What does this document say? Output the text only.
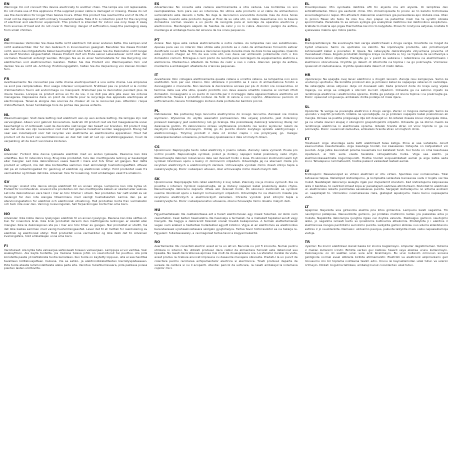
EN

Warnings: Do not connect this device electrically to another chain. The lamps are not replaceable. Do not make use of this appliance if the supplied power cable is damaged or missing. Please do not use the decoration for longer than twelve hours. When this product has reached the end of its life, it must not be disposed of with ordinary household waste. Take it to a collection point for the recycling of electrical and electronic equipment. This product is intended for indoor use only. Keep it away from sources of heat and do not cover it. Warning: danger of suffocation, keep the packaging away from small children.

DE

Warnhinweise: Verbinden Sie diese Kette nicht elektrisch mit einer anderen Kette. Die Lampen sind nicht austauschbar. Nur fur den Gebrauch in Innenraumen geeignet. Benutzen Sie dieses Produkt nicht, wenn das mitgelieferte Kabel beschadigt ist oder fehlt. Lassen Sie die Dekoration nicht langer als zwolf Stunden eingeschaltet. Dieses Produkt darf am Ende seiner Lebensdauer nicht uber den normalen Hausmull entsorgt werden. Bringen Sie es zu einer Sammelstelle fur das Recycling von elektrischen und elektronischen Geraten. Halten Sie das Produkt von Warmequellen fern und decken Sie es nicht ab. Achtung: Erstickungsgefahr, halten Sie die Verpackung von kleinen Kindern fern.

FR

Avertissements: Ne connectez pas cette chaine electriquement a une autre chaine. Les ampoules ne sont pas remplacables. Pour usage interieur uniquement. N'utilisez pas ce produit si le cordon d'alimentation fourni est endommage ou manquant. N'allumez pas la decoration pendant plus de douze heures. Lorsque ce produit arrive en fin de vie, il ne doit pas etre jete avec les ordures menageres. Deposez-le dans un point de collecte pour le recyclage des appareils electriques et electroniques. Tenez-le eloigne des sources de chaleur et ne le recouvrez pas. Attention: risque d'etouffement, tenez l'emballage hors de portee des jeunes enfants.

NL

Waarschuwingen: Sluit deze ketting niet elektrisch aan op een andere ketting. De lampjes zijn niet vervangbaar. Alleen voor gebruik binnenshuis. Gebruik dit product niet als het meegeleverde snoer beschadigd is of ontbreekt. Laat de decoratie niet langer dan twaalf uur branden. Dit product mag aan het einde van zijn levensduur niet met het gewone huisafval worden weggegooid. Breng het naar een inzamelpunt voor het recyclen van elektrische en elektronische apparatuur. Houd het product uit de buurt van warmtebronnen en dek het niet af. Let op: verstikkingsgevaar, houd de verpakking uit de buurt van kleine kinderen.

DA

Advarsler: Forbind ikke denne lyskaede elektrisk med en anden lyskaede. Paererne kan ikke udskiftes. Kun til indendors brug. Brug ikke produktet, hvis den medfolgende ledning er beskadiget eller mangler. Lad ikke dekorationen vaere taendt i mere end tolv timer ad gangen. Nar dette produkt er udtjent, ma det ikke bortskaffes sammen med almindeligt husholdningsaffald. Aflever det pa et indsamlingssted for genbrug af elektrisk og elektronisk udstyr. Hold produktet vaek fra varmekilder og tildaek det ikke. Advarsel: fare for kvaelning, hold emballagen vaek fra smaborn.

SV

Varningar: Anslut inte denna slinga elektriskt till en annan slinga. Lamporna kan inte bytas ut. Endast for inomhusbruk. Anvand inte produkten om den medfoljande kabeln ar skadad eller saknas. Lat inte dekorationen vara tand i mer an tolv timmar i strack. Nar produkten har natt slutet av sin livslangd far den inte slangas tillsammans med vanligt hushallsavfall. Lamna den pa en atervinningsstation for elektrisk och elektronisk utrustning. Hall produkten borta fran varmekallor och tack inte over den. Varning: kvavningsrisk, hall forpackningen borta fran sma barn.

NO

Advarsler: Ikke koble denne lysslyngen elektrisk til en annen lysslynge. Paerene kan ikke skiftes ut. Kun for innendors bruk. Ikke bruk produktet dersom den medfolgende ledningen er skadet eller mangler. Ikke la dekorasjonen sta pa i mer enn tolv timer av gangen. Nar produktet er utslitt, ma det ikke kastes sammen med vanlig husholdningsavfall. Lever det til et mottak for resirkulering av elektrisk og elektronisk utstyr. Hold produktet unna varmekilder og ikke dekk det til. Advarsel: kvelningsfare, hold emballasjen unna sma barn.

FI

Varoitukset: Ala kytke tata valosarjaa sahkoisesti toiseen valosarjaan. Lamppuja ei voi vaihtaa. Vain sisakayttoon. Ala kayta tuotetta, jos mukana tuleva johto on vaurioitunut tai puuttuu. Ala pida koristetta paalla yli kahtatoista tuntia kerrallaan. Kun tuote on kaytetty loppuun, sita ei saa havittaa tavallisen kotitalousjatteen mukana. Vie se sahko- ja elektroniikkalaitteiden kierratyspisteeseen. Pida tuote etaalla lammonlahteista alaka peita sita. Varoitus: tukehtumisvaara, pida pakkaus poissa pienten lasten ulottuvilta.

ES

Advertencias: No conecte esta cadena electricamente a otra cadena. Las bombillas no son reemplazables. Solo para uso en interiores. No utilice este producto si el cable de alimentacion suministrado esta danado o falta. No deje la decoracion encendida durante mas de doce horas seguidas. Cuando este producto llegue al final de su vida util, no debe desecharse con la basura domestica normal. Llevelo a un punto de recogida para el reciclaje de aparatos electricos y electronicos. Mantengalo alejado de fuentes de calor y no lo cubra. Atencion: peligro de asfixia, mantenga el embalaje fuera del alcance de los ninos pequenos.

PT

Avisos: Nao ligue esta cadeia eletricamente a outra cadeia. As lampadas nao sao substituiveis. Apenas para uso no interior. Nao utilize este produto se o cabo de alimentacao fornecido estiver danificado ou em falta. Nao deixe a decoracao ligada durante mais de doze horas seguidas. Quando este produto chegar ao fim da sua vida util, nao deve ser eliminado juntamente com o lixo domestico comum. Entregue-o num ponto de recolha para reciclagem de equipamentos eletricos e eletronicos. Mantenha-o afastado de fontes de calor e nao o cubra. Atencao: perigo de asfixia, mantenha a embalagem afastada de criancas pequenas.

IT

Avvertenze: Non collegare elettricamente questa catena a un'altra catena. Le lampadine non sono sostituibili. Solo per uso interno. Non utilizzare il prodotto se il cavo di alimentazione fornito e danneggiato o mancante. Non lasciare la decorazione accesa per piu di dodici ore consecutive. Al termine della sua vita utile, questo prodotto non deve essere smaltito insieme ai normali rifiuti domestici. Consegnarlo a un punto di raccolta per il riciclaggio delle apparecchiature elettriche ed elettroniche. Tenere il prodotto lontano da fonti di calore e non coprirlo. Attenzione: pericolo di soffocamento, tenere l'imballaggio lontano dalla portata dei bambini piccoli.

PL

Ostrzezenia: Nie podlaczaj tego lancucha elektrycznie do innego lancucha. Zarowek nie mozna wymienic. Wylacznie do uzytku wewnatrz pomieszczen. Nie uzywaj produktu, jesli dolaczony przewod zasilajacy jest uszkodzony lub go brakuje. Nie pozostawiaj dekoracji wlaczonej dluzej niz dwanascie godzin. Po zakonczeniu okresu uzytkowania produktu nie wolno wyrzucac razem ze zwyklymi odpadami domowymi. Oddaj go do punktu zbiorki zuzytego sprzetu elektrycznego i elektronicznego. Trzymaj produkt z dala od zrodel ciepla i nie przykrywaj go. Uwaga: niebezpieczenstwo uduszenia, przechowuj opakowanie z dala od malych dzieci.

CS

Upozorneni: Nepripojujte tento retez elektricky k jinemu retezu. Zarovky nelze vymenit. Pouze pro vnitrni pouziti. Nepouzivejte vyrobek, pokud je dodany napajeci kabel poskozeny nebo chybi. Nenechavejte dekoraci rozsvicenou dele nez dvanact hodin v kuse. Po skonceni zivotnosti nesmi byt vyrobek likvidovan spolu s bezny m domovnim odpadem. Odevzdejte jej na sbernem miste pro recyklaci elektrickych a elektronickych zarizeni. Uchovavejte vyrobek mimo dosah zdroju tepla a nezakryvejte jej. Pozor: nebezpeci uduseni, obal uchovavejte mimo dosah malych deti.

SK

Upozornenia: Nepripajajte tuto retaz elektricky k inej retazi. Ziarovky nie je mozne vymenit. Iba na pouzitie v interieri. Vyrobok nepouzivajte, ak je dodany napajaci kabel poskodeny alebo chyba. Nenechavajte dekoraciu zapnutu dlhsie ako dvanast hodin. Po skonceni zivotnosti sa vyrobok nesmie likvidovat spolu s beznym komunalnym odpadom. Odovzdajte ho na zbernom mieste pre recyklaciu elektrickych a elektronickych zariadeni. Chrante vyrobok pred zdrojmi tepla a nezakryvajte ho. Pozor: nebezpecenstvo udusenia, obal uchovavajte mimo dosahu malych deti.

HU

Figyelmeztetesek: Ne csatlakoztassa ezt a fuzert elektromosan egy masik fuzerhez. Az izzok nem cserelhetok. Csak belteri hasznalatra. Ne hasznalja a termeket, ha a mellekelt tapkabel serult vagy hianyzik. Ne hagyja a dekoraciot tizenket oranal tovabb bekapcsolva. A termek elettartamanak vegen nem szabad a haztartasi hulladekkal egyutt kidobni. Vigye el az elektromos es elektronikus berendezesek ujrahasznositasara szolgalo gyujtohelyre. Tartsa tavol hoforrasoktol es ne takarja le. Figyelem: fulladasveszely, a csomagolast tartsa tavol a kisgyermekektol.

RO

Avertismente: Nu conectati electric acest sir la un alt sir. Becurile nu pot fi inlocuite. Numai pentru utilizare in interior. Nu utilizati produsul daca cablul de alimentare furnizat este deteriorat sau lipseste. Nu lasati decoratiunea aprinsa mai mult de douasprezece ore. La sfarsitul duratei de viata, acest produs nu trebuie aruncat impreuna cu deseurile menajere obisnuite. Predati-l la un punct de colectare pentru reciclarea echipamentelor electrice si electronice. Tineti produsul departe de sursele de caldura si nu il acoperiti. Atentie: pericol de sufocare, nu lasati ambalajul la indemana copiilor mici.

EL

Proeidopoiiseis: Min syndeete ilektrika afti tin alysida me alli alysida. Oi lamptires den antikathistantai. Mono gia esoteriki chrisi. Min chrisimopoieite to proion an to kalodio trofodosias einai kategmeno i leipei. Min afinete ti diakosmisi anammeni gia perissoteres apo dodeka ores. Otan to proion ftasei sto telos tis zois tou, den prepei na petachtei mazi me ta synithi oikiaka aporrimmata. Paradoste to se simeio syllogis gia anakyklosi ilektrikou kai ilektronikou exoplismou. Kratiste to makria apo piges thermotitas kai min to kalyptete. Prosochi: kindynos asfyxias, kratiste ti syskevasia makria apo mikra paidia.

BG

Preduprezhdeniya: Ne svarzvayte tazi verigа elektricheski s druga veriga. Krushkite ne mogat da bydat smeneni. Samo za upotreba na zakrito. Ne izpolzvayte produkta, ako prilozheniyat zahranvasht kabel e povreden ili lipsva. Ne ostavyayte dekoratsiyata vklyuchena poveche ot dvanadeset chasa. Kogato produktat dostigne kraya na zhivota si, toy ne tryabva da se izhvarlya s obiknovenite bitovi otpadatsi. Predayte go v punkt za sabirane i retsiklirane na elektrichesko i elektronno oborudvane. Dryzhte go dalech ot iztochnitsi na toplina i ne go pokrivayte. Vnimanie: opasnost ot zadushavane, dryzhte opakovkata dalech ot malki detsa.

HR

Upozorenja: Ne spajajte ovaj lanac elektricno s drugim lancem. Zarulje nisu zamjenjive. Samo za unutarnju upotrebu. Ne koristite proizvod ako je prilozeni kabel za napajanje ostecen ili nedostaje. Ne ostavljajte ukras ukljucen dulje od dvanaest sati. Kada proizvod dode do kraja svog vijeka trajanja, ne smije se odlagati s obicnim kucnim otpadom. Odnesite ga na sabirno mjesto za recikliranje elektricne i elektronicke opreme. Drzite ga podalje od izvora topline i ne prekrivajte ga. Pozor: opasnost od gusenja, ambalazu drzite podalje od male djece.

SL

Opozorila: Te verige ne povezujte elektricno z drugo verigo. Zarnic ni mogoce zamenjati. Samo za uporabo v zaprtih prostorih. Izdelka ne uporabljajte, ce je prilozeni napajalni kabel poskodovan ali manjka. Okrasa ne pustite prizganega dlje kot dvanajst ur. Ko izdelek doseze konec zivljenjske dobe, ga ne smete zavreci skupaj z obicajnimi gospodinjskimi odpadki. Odnesite ga na zbirno mesto za recikliranje elektricne in elektronske opreme. Izdelek hranite stran od virov toplote in ga ne pokrivajte. Pozor: nevarnost zadusitve, embalazo hranite stran od majhnih otrok.

ET

Hoiatused: Arge uhendage seda ketti elektriliselt teise ketiga. Pirne ei saa vahetada. Ainult siseruumides kasutamiseks. Arge kasutage toodet, kui kaasasolev toitejuhe on kahjustatud voi puudub. Arge jatke kaunistust poleme kauemaks kui kaksteist tundi. Kui toode on oma kasutusea lopetanud, ei tohi seda visata tavaliste olmejaatmete hulka. Viige see elektri- ja elektroonikaseadmete kogumispunkti. Hoidke toodet soojusallikatest eemal ja arge katke seda kinni. Tahelepanu: lammatusoht, hoidke pakend vaikestest lastest eemal.

LV

Bridinajumi: Nesavienojiet so virteni elektriski ar citu virteni. Spuldzes nav nomainamas. Tikai lietosanai telpas. Nelietojiet izstradajumu, ja komplekta ieklautais barosanas vads ir bojats vai tas trukst. Neatstajiet dekoraciju ieslegtu ilgak par divpadsmit stundam. Kad izstradajuma kalposanas laiks ir beidzies, to nedrikst izmest kopa ar parastajiem sadzives atkritumiem. Nododiet to elektrisko un elektronisko iekartu parstrades savaksanas punkta. Sargajiet izstradajumu no siltuma avotiem un neapklajiet to. Uzmanibu: nosmaksanas risks, glabajiet iepakojumu mazu bernu nepieejama vieta.

LT

Ispejimai: Nejunkite sios girliandos elektra prie kitos girliandos. Lempuciu keisti negalima. Tik naudojimui patalpose. Nenaudokite gaminio, jei pridetas maitinimo laidas yra pazeistas arba jo truksta. Nepalikite dekoracijos ijungtos ilgiau nei dvylika valandu. Pasibaigus gaminio naudojimo laikui, jo negalima ismesti kartu su iprastomis buitinemis atliekomis. Pristatykite ji i elektros ir elektronines irangos perdirbimo surinkimo punkta. Laikykite gamini atokiau nuo siluma skleidzianciu saltiniu ir jo neuzdenkite. Demesio: uzdusimo pavojus, pakuote laikykite mazu vaiku nepasiekiamoje vietoje.

TR

Uyarilar: Bu zinciri elektriksel olarak baska bir zincire baglamayin. Ampuller degistirilemez. Yalnizca ic mekan kullanimi icindir. Birlikte verilen guc kablosu hasarli veya eksikse urunu kullanmayin. Dekorasyonu on iki saatten uzun sure acik birakmayin. Bu urun kullanim omrunun sonuna geldiginde normal evsel atiklarla birlikte atilmamalidir. Elektrikli ve elektronik ekipmanlarin geri donusumu icin bir toplama noktasina teslim edin. Urunu isi kaynaklarindan uzak tutun ve uzerini ortmeyin. Dikkat: bogulma tehlikesi, ambalaji kucuk cocuklardan uzak tutun.
